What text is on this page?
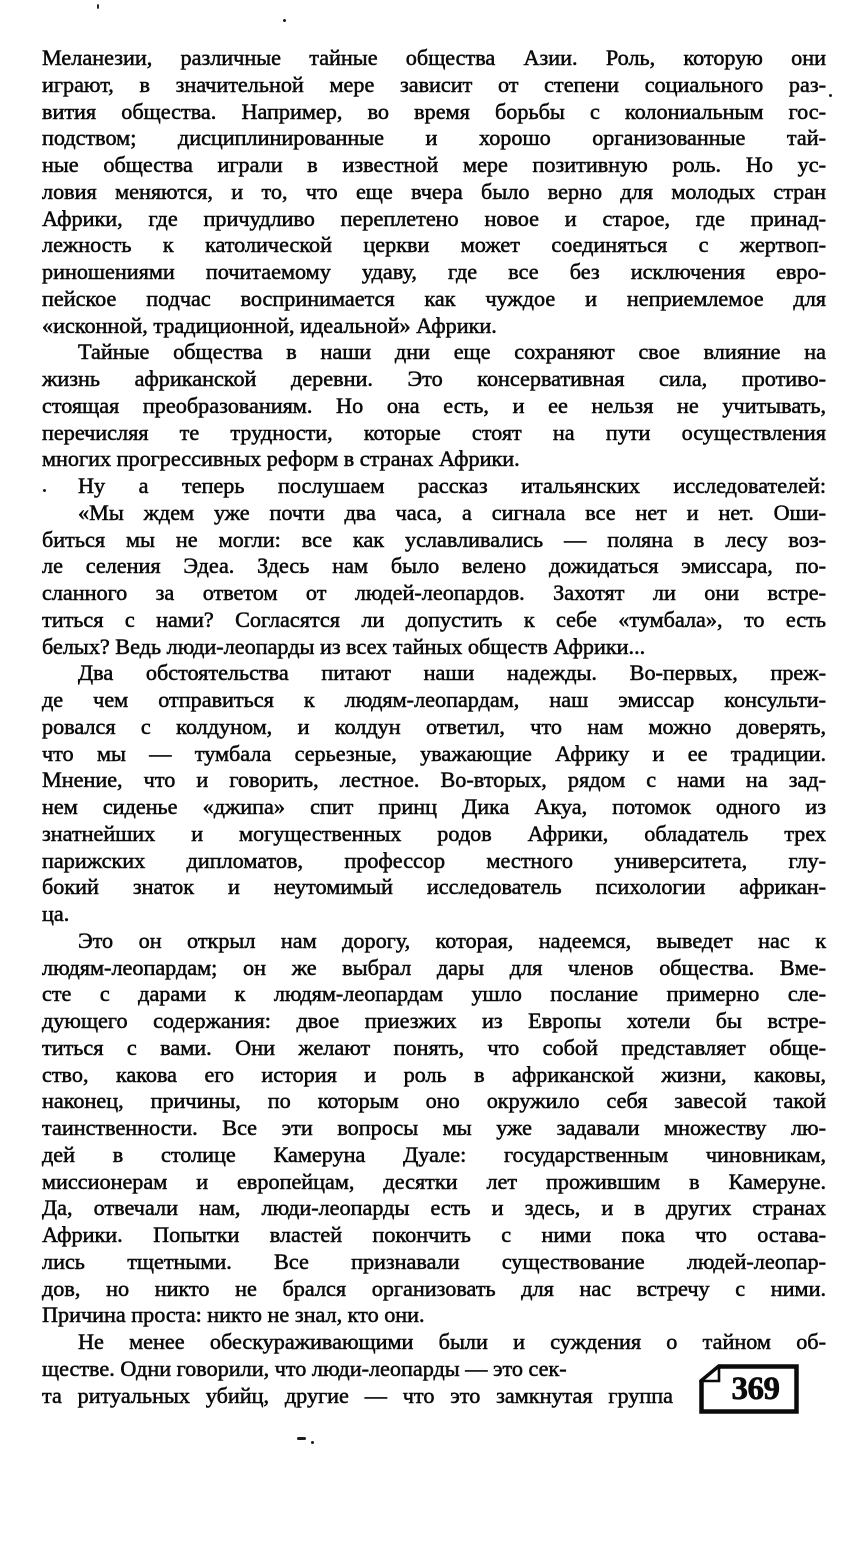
Меланезии, различные тайные общества Азии. Роль, которую они
играют, в значительной мере зависит от степени социального раз-
вития общества. Например, во время борьбы с колониальным гос-
подством; дисциплинированные и хорошо организованные тай-
ные общества играли в известной мере позитивную роль. Но ус-
ловия меняются, и то, что еще вчера было верно для молодых стран
Африки, где причудливо переплетено новое и старое, где принад-
лежность к католической церкви может соединяться с жертвоп-
риношениями почитаемому удаву, где все без исключения евро-
пейское подчас воспринимается как чуждое и неприемлемое для
«исконной, традиционной, идеальной» Африки.
Тайные общества в наши дни еще сохраняют свое влияние на
жизнь африканской деревни. Это консервативная сила, противо-
стоящая преобразованиям. Но она есть, и ее нельзя не учитывать,
перечисляя те трудности, которые стоят на пути осуществления
многих прогрессивных реформ в странах Африки.
Ну а теперь послушаем рассказ итальянских исследователей:
«Мы ждем уже почти два часа, а сигнала все нет и нет. Оши-
биться мы не могли: все как уславливались — поляна в лесу воз-
ле селения Эдеа. Здесь нам было велено дожидаться эмиссара, по-
сланного за ответом от людей-леопардов. Захотят ли они встре-
титься с нами? Согласятся ли допустить к себе «тумбала», то есть
белых? Ведь люди-леопарды из всех тайных обществ Африки...
Два обстоятельства питают наши надежды. Во-первых, преж-
де чем отправиться к людям-леопардам, наш эмиссар консульти-
ровался с колдуном, и колдун ответил, что нам можно доверять,
что мы — тумбала серьезные, уважающие Африку и ее традиции.
Мнение, что и говорить, лестное. Во-вторых, рядом с нами на зад-
нем сиденье «джипа» спит принц Дика Акуа, потомок одного из
знатнейших и могущественных родов Африки, обладатель трех
парижских дипломатов, профессор местного университета, глу-
бокий знаток и неутомимый исследователь психологии африкан-
ца.
Это он открыл нам дорогу, которая, надеемся, выведет нас к
людям-леопардам; он же выбрал дары для членов общества. Вме-
сте с дарами к людям-леопардам ушло послание примерно сле-
дующего содержания: двое приезжих из Европы хотели бы встре-
титься с вами. Они желают понять, что собой представляет обще-
ство, какова его история и роль в африканской жизни, каковы,
наконец, причины, по которым оно окружило себя завесой такой
таинственности. Все эти вопросы мы уже задавали множеству лю-
дей в столице Камеруна Дуале: государственным чиновникам,
миссионерам и европейцам, десятки лет прожившим в Камеруне.
Да, отвечали нам, люди-леопарды есть и здесь, и в других странах
Африки. Попытки властей покончить с ними пока что остава-
лись тщетными. Все признавали существование людей-леопар-
дов, но никто не брался организовать для нас встречу с ними.
Причина проста: никто не знал, кто они.
Не менее обескураживающими были и суждения о тайном об-
369
ществе. Одни говорили, что люди-леопарды — это сек-
та ритуальных убийц, другие — что это замкнутая группа
